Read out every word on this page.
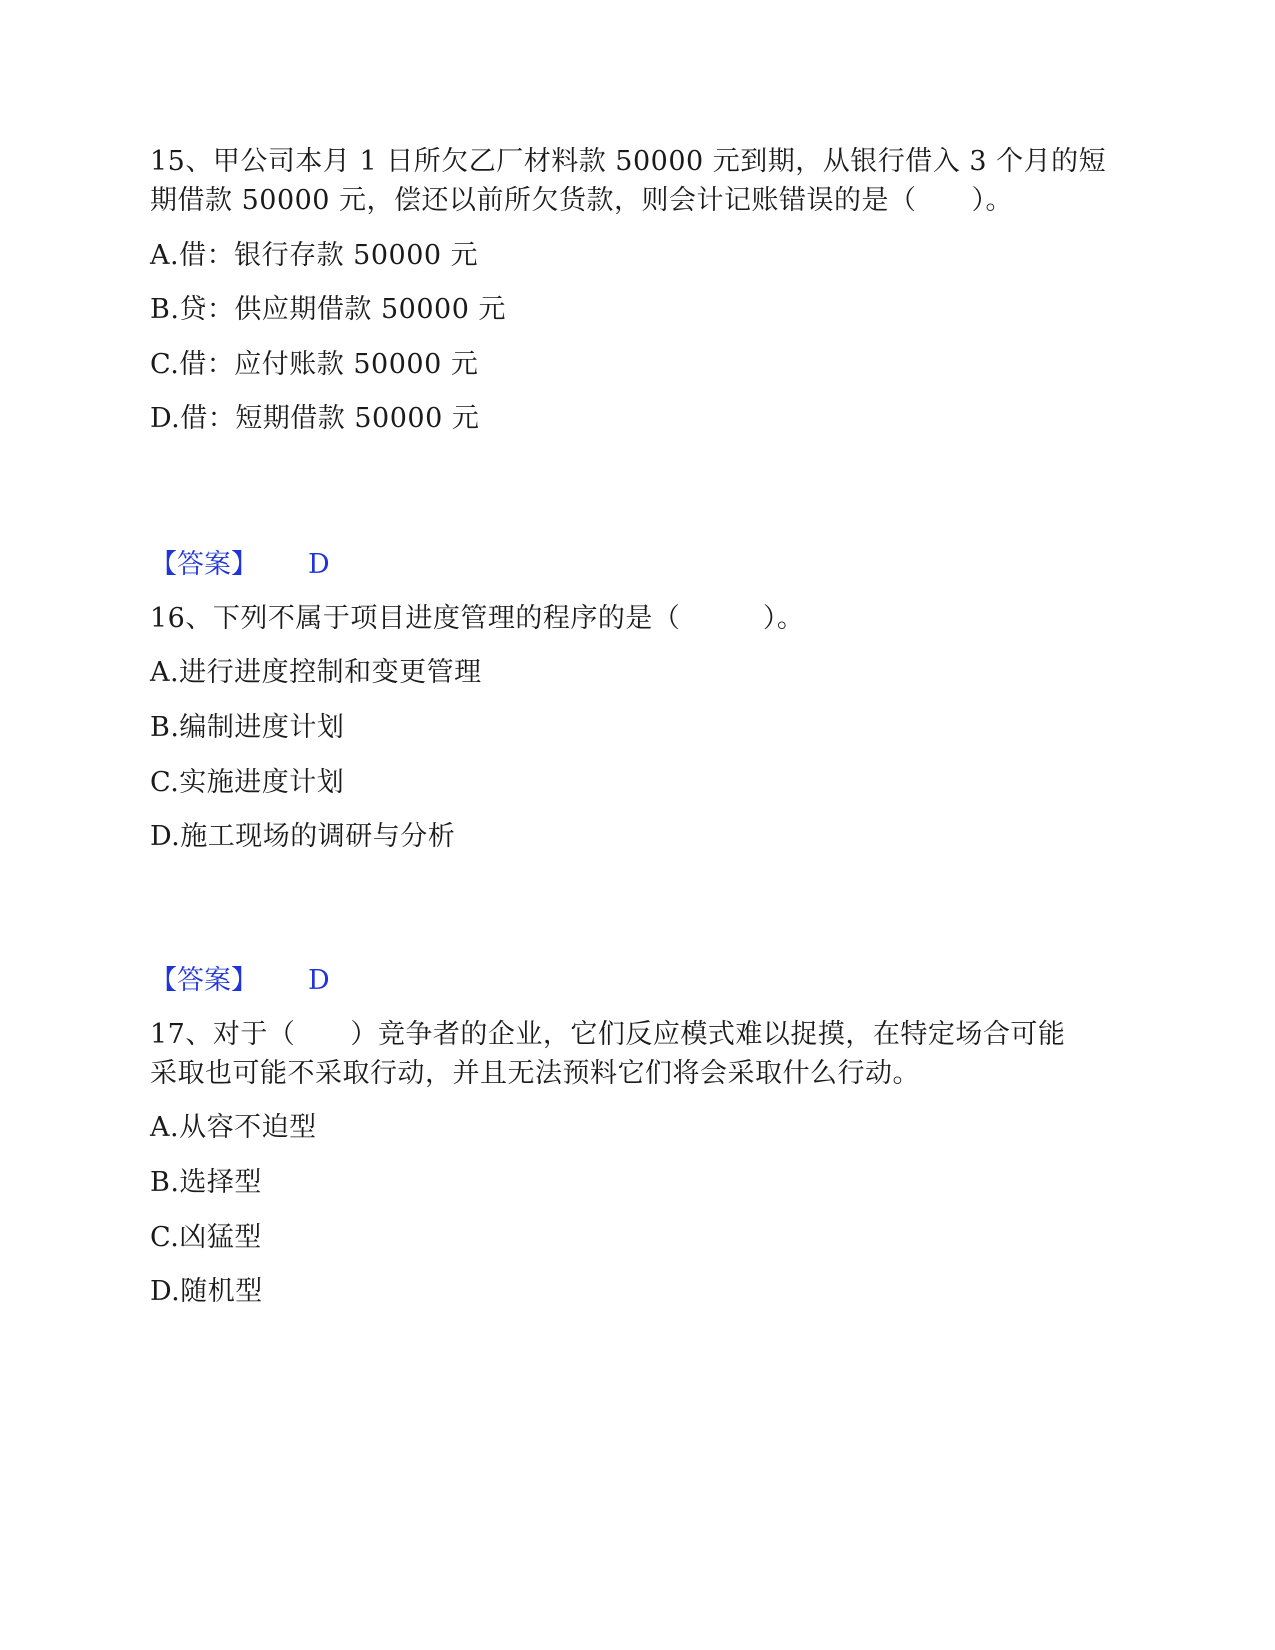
15、甲公司本月 1 日所欠乙厂材料款 50000 元到期，从银行借入 3 个月的短
期借款 50000 元，偿还以前所欠货款，则会计记账错误的是（　　）。
A.借：银行存款 50000 元
B.贷：供应期借款 50000 元
C.借：应付账款 50000 元
D.借：短期借款 50000 元
【答案】 D
16、下列不属于项目进度管理的程序的是（　　　）。
A.进行进度控制和变更管理
B.编制进度计划
C.实施进度计划
D.施工现场的调研与分析
【答案】 D
17、对于（　　）竞争者的企业，它们反应模式难以捉摸，在特定场合可能
采取也可能不采取行动，并且无法预料它们将会采取什么行动。
A.从容不迫型
B.选择型
C.凶猛型
D.随机型
